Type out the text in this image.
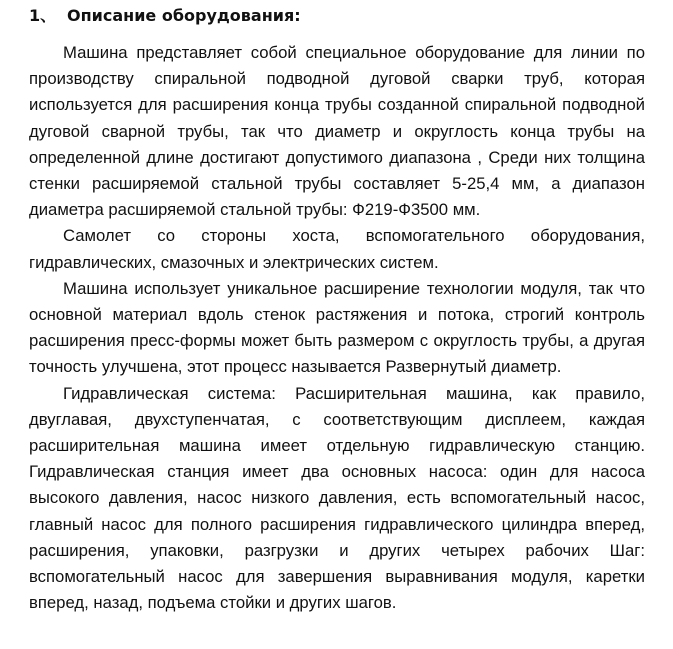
1、 Описание оборудования:

Машина представляет собой специальное оборудование для линии по производству спиральной подводной дуговой сварки труб, которая используется для расширения конца трубы созданной спиральной подводной дуговой сварной трубы, так что диаметр и округлость конца трубы на определенной длине достигают допустимого диапазона , Среди них толщина стенки расширяемой стальной трубы составляет 5-25,4 мм, а диапазон диаметра расширяемой стальной трубы: Ф219-Ф3500 мм.

Самолет со стороны хоста, вспомогательного оборудования, гидравлических, смазочных и электрических систем.

Машина использует уникальное расширение технологии модуля, так что основной материал вдоль стенок растяжения и потока, строгий контроль расширения пресс-формы может быть размером с округлость трубы, а другая точность улучшена, этот процесс называется Развернутый диаметр.

Гидравлическая система: Расширительная машина, как правило, двуглавая, двухступенчатая, с соответствующим дисплеем, каждая расширительная машина имеет отдельную гидравлическую станцию. Гидравлическая станция имеет два основных насоса: один для насоса высокого давления, насос низкого давления, есть вспомогательный насос, главный насос для полного расширения гидравлического цилиндра вперед, расширения, упаковки, разгрузки и других четырех рабочих Шаг: вспомогательный насос для завершения выравнивания модуля, каретки вперед, назад, подъема стойки и других шагов.
